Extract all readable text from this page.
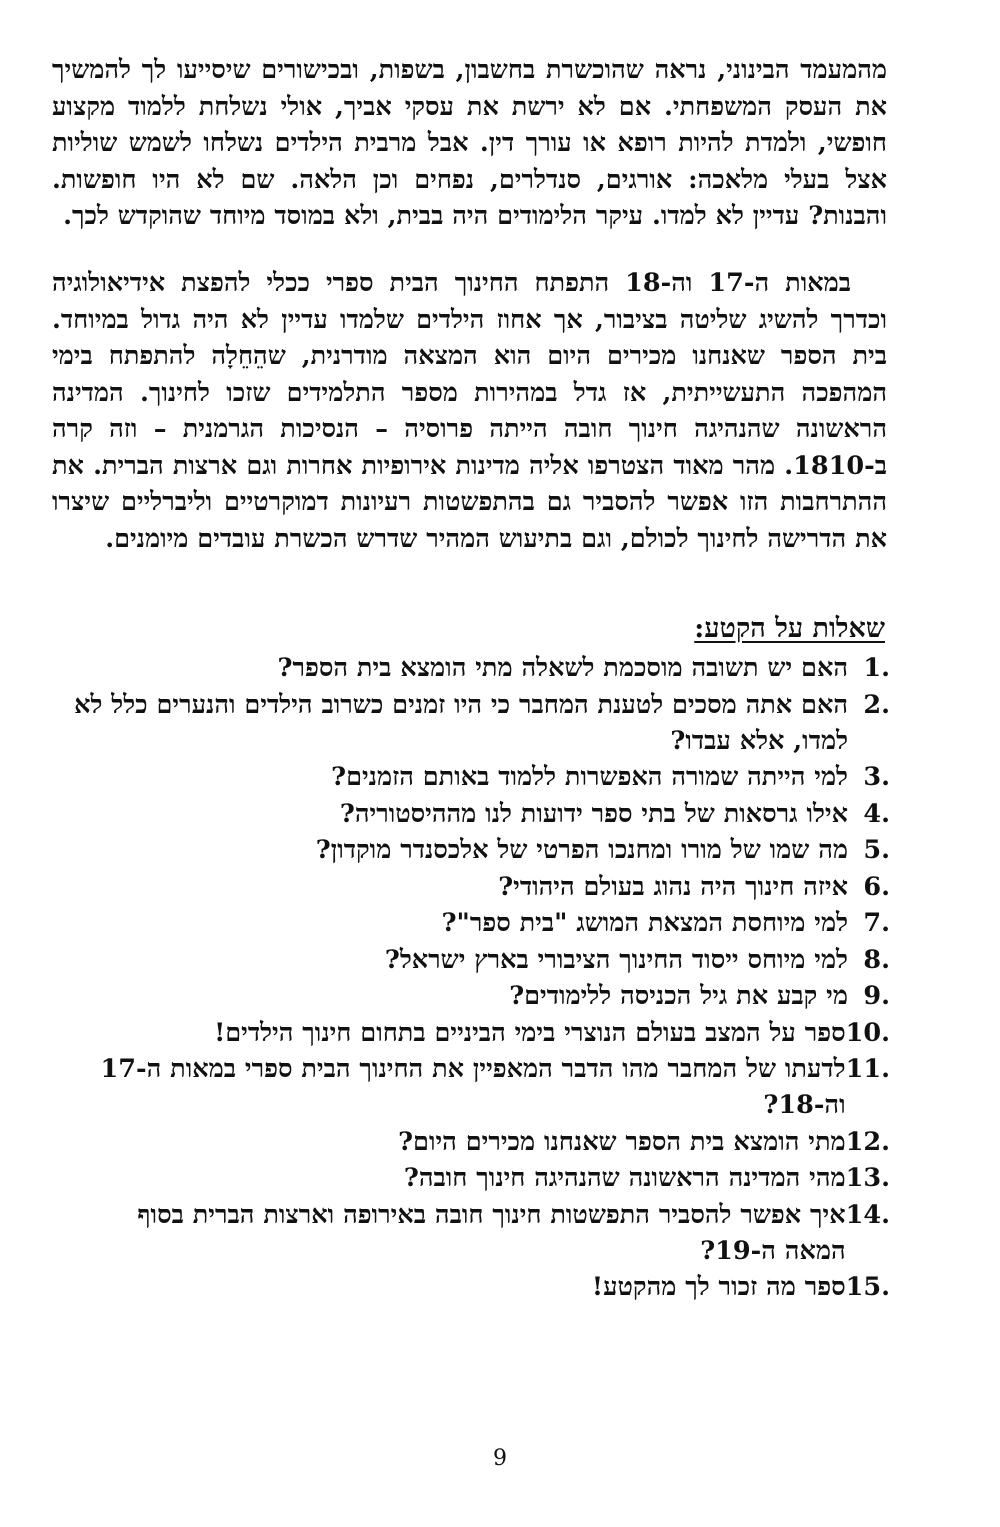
מהמעמד הבינוני, נראה שהוכשרת בחשבון, בשפות, ובכישורים שיסייעו לך להמשיך את העסק המשפחתי. אם לא ירשת את עסקי אביך, אולי נשלחת ללמוד מקצוע חופשי, ולמדת להיות רופא או עורך דין. אבל מרבית הילדים נשלחו לשמש שוליות אצל בעלי מלאכה: אורגים, סנדלרים, נפחים וכן הלאה. שם לא היו חופשות. והבנות? עדיין לא למדו. עיקר הלימודים היה בבית, ולא במוסד מיוחד שהוקדש לכך.

במאות ה-17 וה-18 התפתח החינוך הבית ספרי ככלי להפצת אידיאולוגיה וכדרך להשיג שליטה בציבור, אך אחוז הילדים שלמדו עדיין לא היה גדול במיוחד. בית הספר שאנחנו מכירים היום הוא המצאה מודרנית, שהֵחֵלָה להתפתח בימי המהפכה התעשייתית, אז גדל במהירות מספר התלמידים שזכו לחינוך. המדינה הראשונה שהנהיגה חינוך חובה הייתה פרוסיה – הנסיכות הגרמנית – וזה קרה ב-1810. מהר מאוד הצטרפו אליה מדינות אירופיות אחרות וגם ארצות הברית. את ההתרחבות הזו אפשר להסביר גם בהתפשטות רעיונות דמוקרטיים וליברליים שיצרו את הדרישה לחינוך לכולם, וגם בתיעוש המהיר שדרש הכשרת עובדים מיומנים.

שאלות על הקטע:
1.
האם יש תשובה מוסכמת לשאלה מתי הומצא בית הספר?
2.
האם אתה מסכים לטענת המחבר כי היו זמנים כשרוב הילדים והנערים כלל לא למדו, אלא עבדו?
3.
למי הייתה שמורה האפשרות ללמוד באותם הזמנים?
4.
אילו גרסאות של בתי ספר ידועות לנו מההיסטוריה?
5.
מה שמו של מורו ומחנכו הפרטי של אלכסנדר מוקדון?
6.
איזה חינוך היה נהוג בעולם היהודי?
7.
למי מיוחסת המצאת המושג "בית ספר"?
8.
למי מיוחס ייסוד החינוך הציבורי בארץ ישראל?
9.
מי קבע את גיל הכניסה ללימודים?
10.
ספר על המצב בעולם הנוצרי בימי הביניים בתחום חינוך הילדים!
11.
לדעתו של המחבר מהו הדבר המאפיין את החינוך הבית ספרי במאות ה-17 וה-18?
12.
מתי הומצא בית הספר שאנחנו מכירים היום?
13.
מהי המדינה הראשונה שהנהיגה חינוך חובה?
14.
איך אפשר להסביר התפשטות חינוך חובה באירופה וארצות הברית בסוף המאה ה-19?
15.
ספר מה זכור לך מהקטע!
9
